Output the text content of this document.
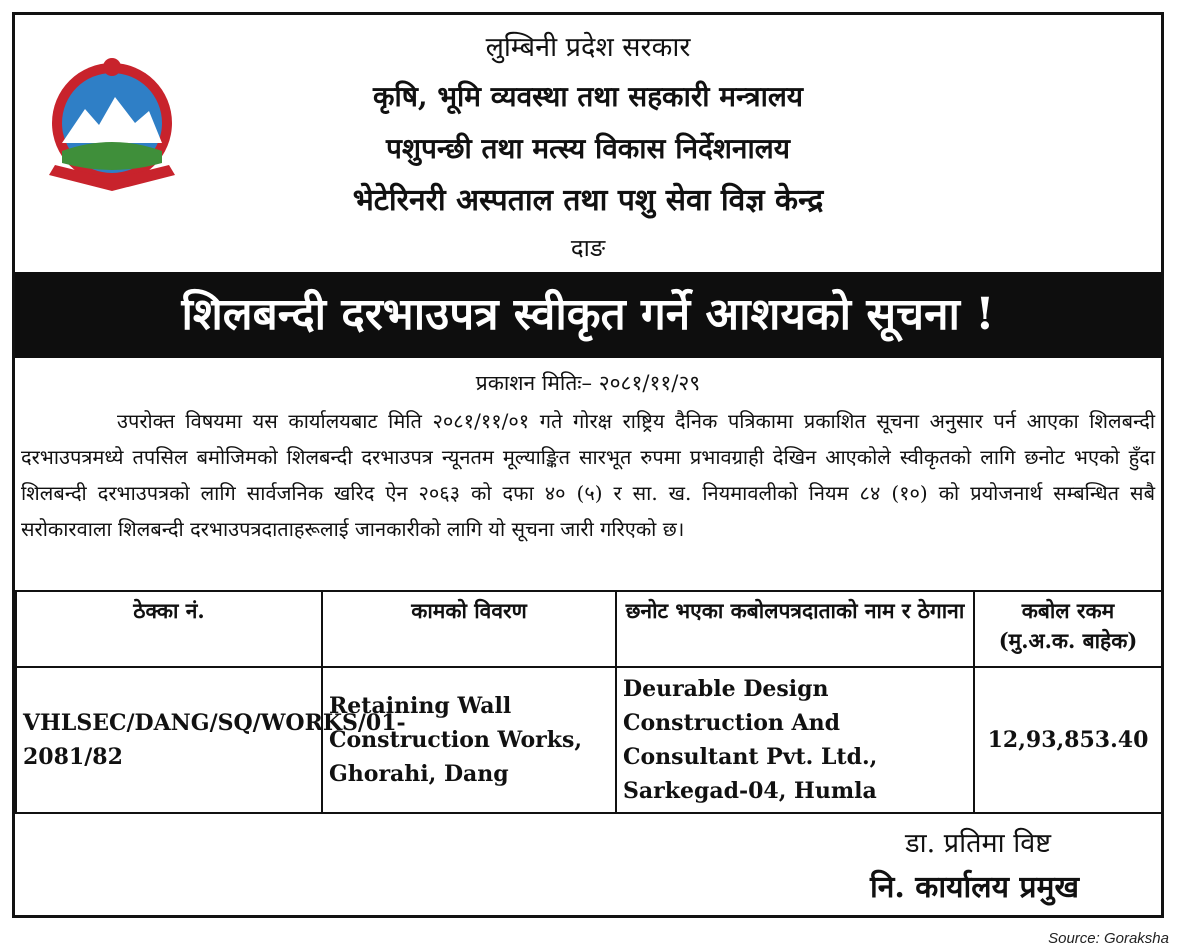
लुम्बिनी प्रदेश सरकार
कृषि, भूमि व्यवस्था तथा सहकारी मन्त्रालय
पशुपन्छी तथा मत्स्य विकास निर्देशनालय
भेटेरिनरी अस्पताल तथा पशु सेवा विज्ञ केन्द्र
दाङ
शिलबन्दी दरभाउपत्र स्वीकृत गर्ने आशयको सूचना !
प्रकाशन मितिः– २०८१/११/२९

उपरोक्त विषयमा यस कार्यालयबाट मिति २०८१/११/०१ गते गोरक्ष राष्ट्रिय दैनिक पत्रिकामा प्रकाशित सूचना अनुसार पर्न आएका शिलबन्दी दरभाउपत्रमध्ये तपसिल बमोजिमको शिलबन्दी दरभाउपत्र न्यूनतम मूल्याङ्कित सारभूत रुपमा प्रभावग्राही देखिन आएकोले स्वीकृतको लागि छनोट भएको हुँदा शिलबन्दी दरभाउपत्रको लागि सार्वजनिक खरिद ऐन २०६३ को दफा ४० (५) र सा. ख. नियमावलीको नियम ८४ (१०) को प्रयोजनार्थ सम्बन्धित सबै सरोकारवाला शिलबन्दी दरभाउपत्रदाताहरूलाई जानकारीको लागि यो सूचना जारी गरिएको छ।

ठेक्का नं.	कामको विवरण	छनोट भएका कबोलपत्रदाताको नाम र ठेगाना	कबोल रकम (मु.अ.क. बाहेक)
VHLSEC/DANG/SQ/WORKS/01-2081/82	Retaining Wall Construction Works, Ghorahi, Dang	Deurable Design Construction And Consultant Pvt. Ltd., Sarkegad-04, Humla	12,93,853.40
डा. प्रतिमा विष्ट
नि. कार्यालय प्रमुख
Source: Goraksha
